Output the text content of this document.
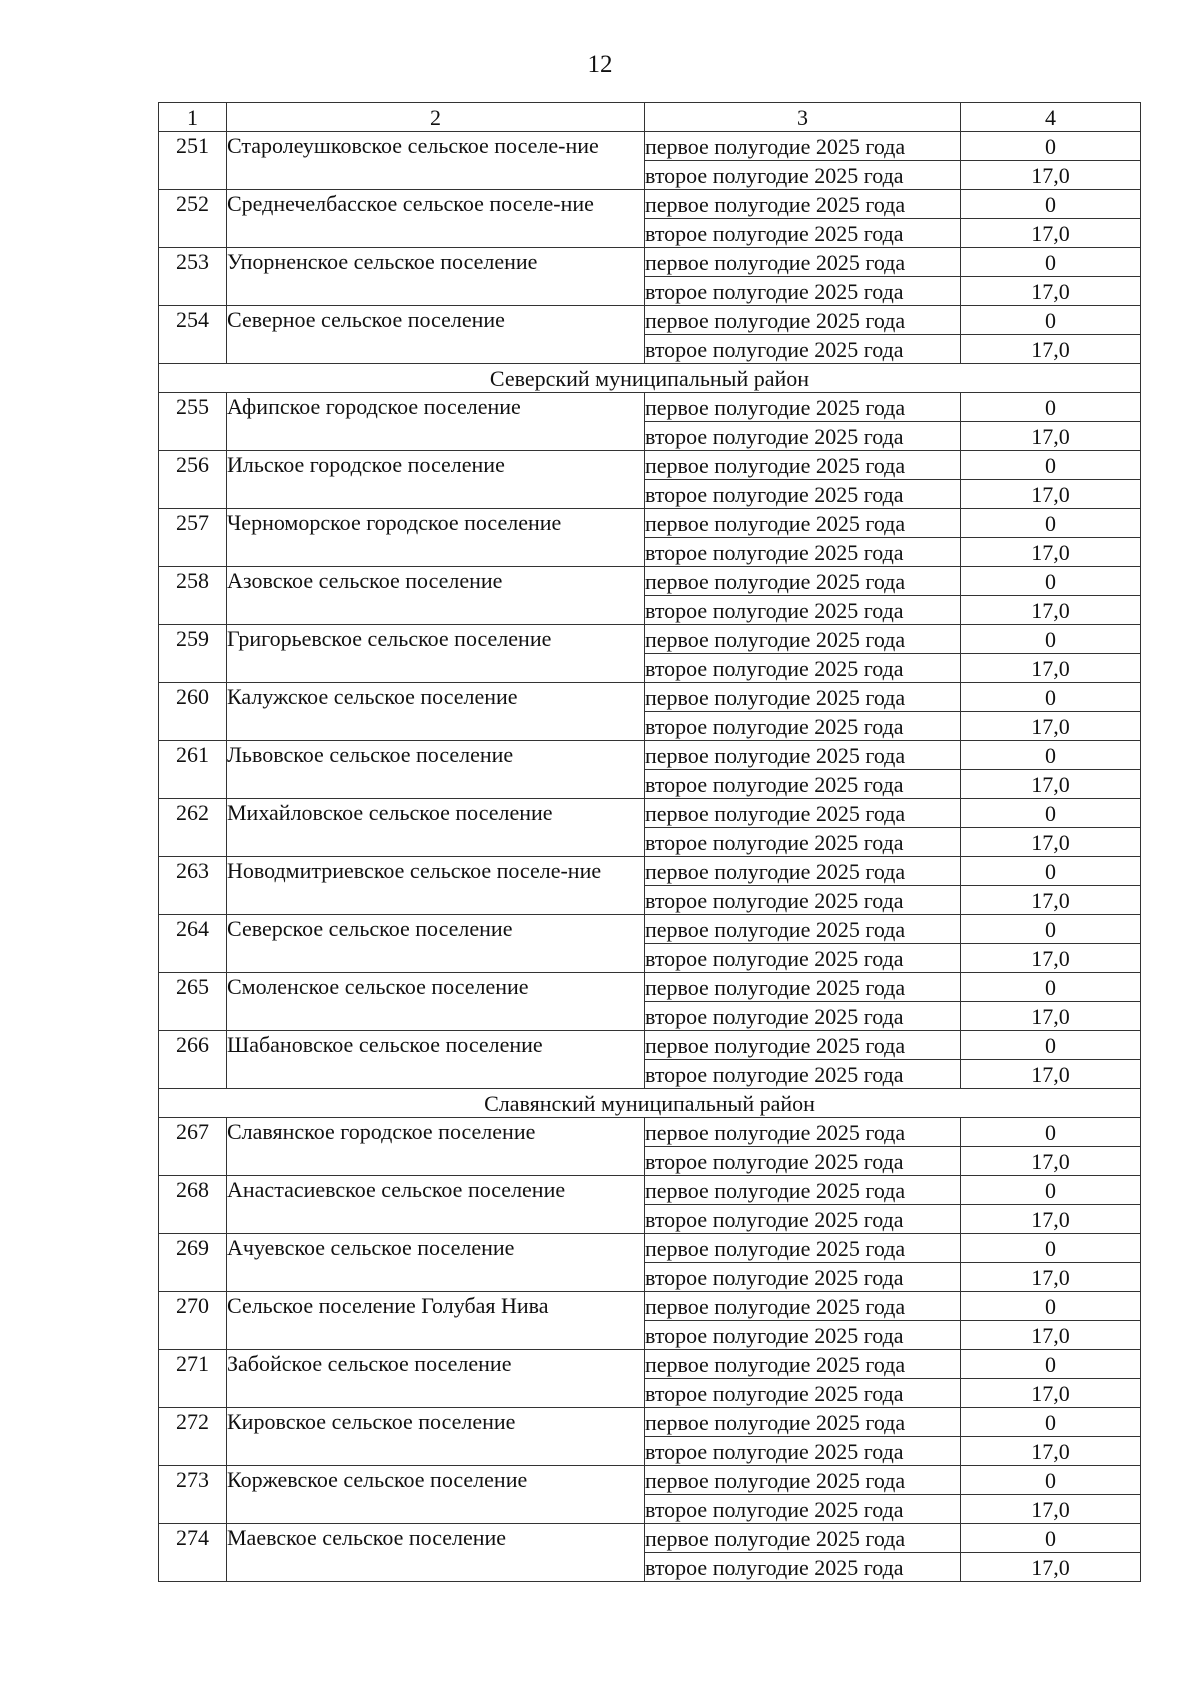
12
1	2	3	4
251	Старолеушковское сельское поселе-ние	первое полугодие 2025 года	0
		второе полугодие 2025 года	17,0
252	Среднечелбасское сельское поселе-ние	первое полугодие 2025 года	0
		второе полугодие 2025 года	17,0
253	Упорненское сельское поселение	первое полугодие 2025 года	0
		второе полугодие 2025 года	17,0
254	Северное сельское поселение	первое полугодие 2025 года	0
		второе полугодие 2025 года	17,0
Северский муниципальный район			
255	Афипское городское поселение	первое полугодие 2025 года	0
		второе полугодие 2025 года	17,0
256	Ильское городское поселение	первое полугодие 2025 года	0
		второе полугодие 2025 года	17,0
257	Черноморское городское поселение	первое полугодие 2025 года	0
		второе полугодие 2025 года	17,0
258	Азовское сельское поселение	первое полугодие 2025 года	0
		второе полугодие 2025 года	17,0
259	Григорьевское сельское поселение	первое полугодие 2025 года	0
		второе полугодие 2025 года	17,0
260	Калужское сельское поселение	первое полугодие 2025 года	0
		второе полугодие 2025 года	17,0
261	Львовское сельское поселение	первое полугодие 2025 года	0
		второе полугодие 2025 года	17,0
262	Михайловское сельское поселение	первое полугодие 2025 года	0
		второе полугодие 2025 года	17,0
263	Новодмитриевское сельское поселе-ние	первое полугодие 2025 года	0
		второе полугодие 2025 года	17,0
264	Северское сельское поселение	первое полугодие 2025 года	0
		второе полугодие 2025 года	17,0
265	Смоленское сельское поселение	первое полугодие 2025 года	0
		второе полугодие 2025 года	17,0
266	Шабановское сельское поселение	первое полугодие 2025 года	0
		второе полугодие 2025 года	17,0
Славянский муниципальный район			
267	Славянское городское поселение	первое полугодие 2025 года	0
		второе полугодие 2025 года	17,0
268	Анастасиевское сельское поселение	первое полугодие 2025 года	0
		второе полугодие 2025 года	17,0
269	Ачуевское сельское поселение	первое полугодие 2025 года	0
		второе полугодие 2025 года	17,0
270	Сельское поселение Голубая Нива	первое полугодие 2025 года	0
		второе полугодие 2025 года	17,0
271	Забойское сельское поселение	первое полугодие 2025 года	0
		второе полугодие 2025 года	17,0
272	Кировское сельское поселение	первое полугодие 2025 года	0
		второе полугодие 2025 года	17,0
273	Коржевское сельское поселение	первое полугодие 2025 года	0
		второе полугодие 2025 года	17,0
274	Маевское сельское поселение	первое полугодие 2025 года	0
		второе полугодие 2025 года	17,0
